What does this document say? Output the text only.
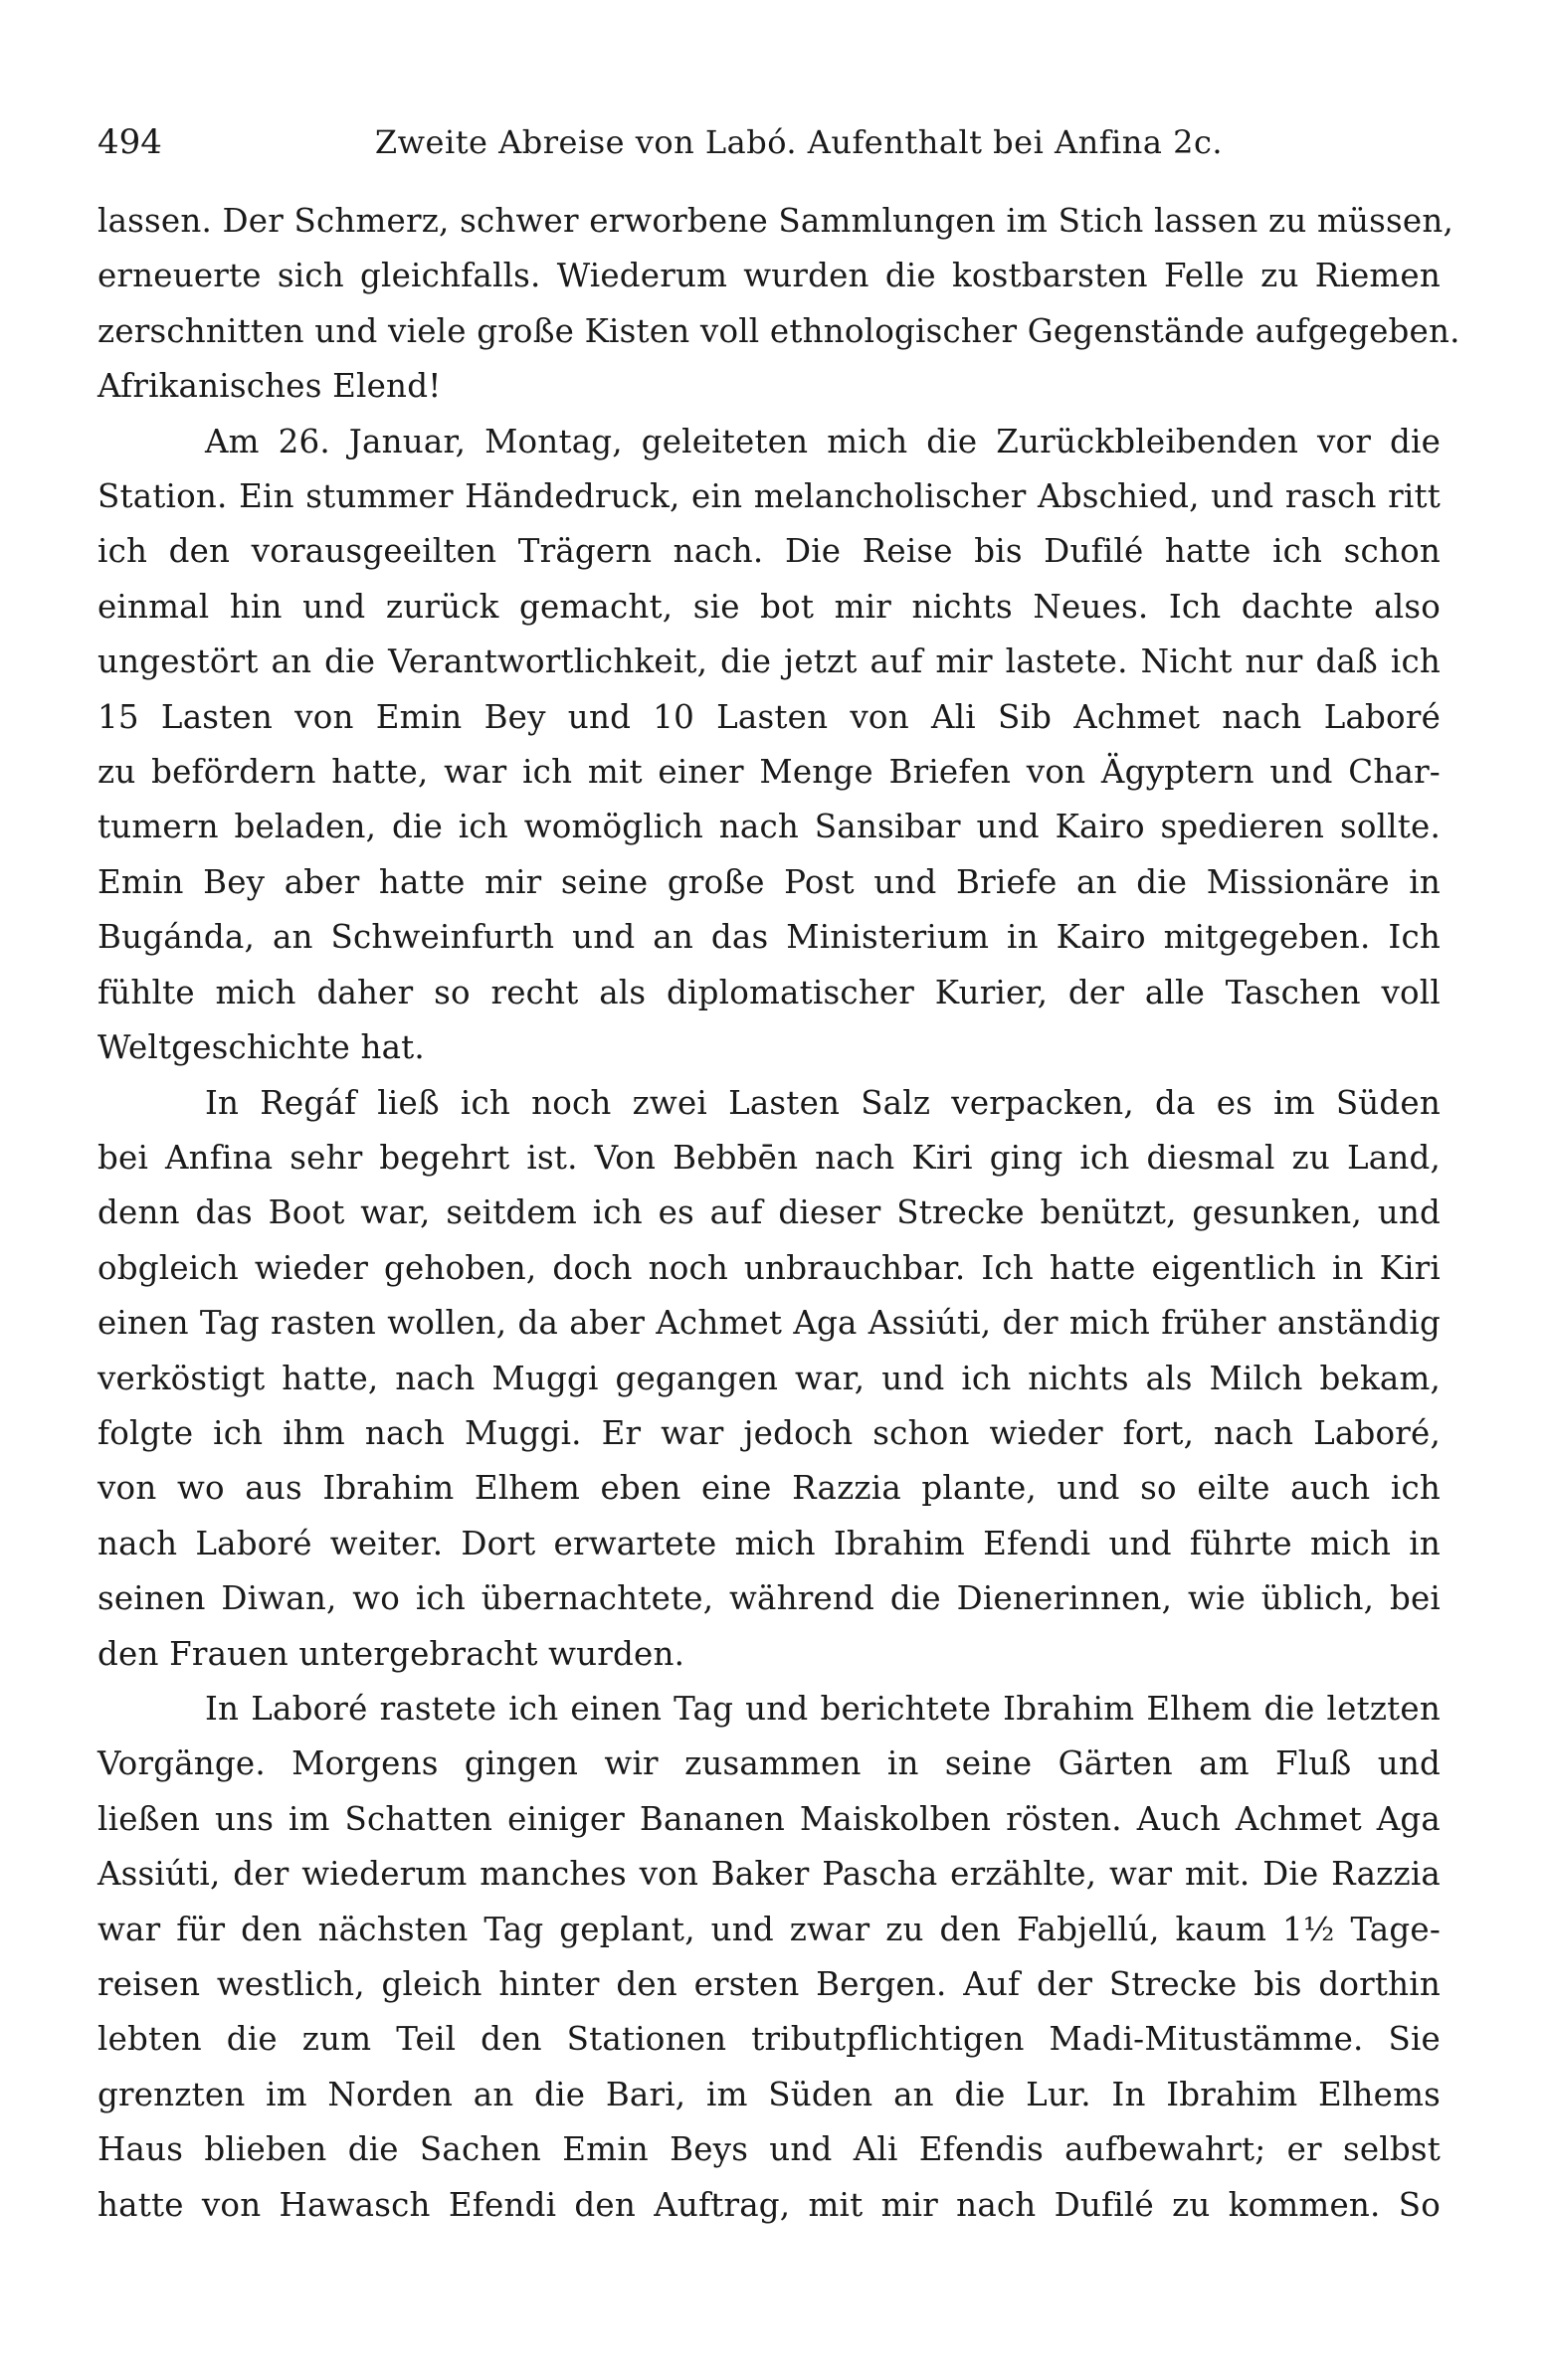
494	Zweite Abreise von Labó. Aufenthalt bei Anfina 2c.

lassen. Der Schmerz, schwer erworbene Sammlungen im Stich lassen zu müssen,
erneuerte sich gleichfalls. Wiederum wurden die kostbarsten Felle zu Riemen
zerschnitten und viele große Kisten voll ethnologischer Gegenstände aufgegeben.
Afrikanisches Elend!

Am 26. Januar, Montag, geleiteten mich die Zurückbleibenden vor die
Station. Ein stummer Händedruck, ein melancholischer Abschied, und rasch ritt
ich den vorausgeeilten Trägern nach. Die Reise bis Dufilé hatte ich schon
einmal hin und zurück gemacht, sie bot mir nichts Neues. Ich dachte also
ungestört an die Verantwortlichkeit, die jetzt auf mir lastete. Nicht nur daß ich
15 Lasten von Emin Bey und 10 Lasten von Ali Sib Achmet nach Laboré
zu befördern hatte, war ich mit einer Menge Briefen von Ägyptern und Char-
tumern beladen, die ich womöglich nach Sansibar und Kairo spedieren sollte.
Emin Bey aber hatte mir seine große Post und Briefe an die Missionäre in
Bugánda, an Schweinfurth und an das Ministerium in Kairo mitgegeben. Ich
fühlte mich daher so recht als diplomatischer Kurier, der alle Taschen voll
Weltgeschichte hat.

In Regáf ließ ich noch zwei Lasten Salz verpacken, da es im Süden
bei Anfina sehr begehrt ist. Von Bebbēn nach Kiri ging ich diesmal zu Land,
denn das Boot war, seitdem ich es auf dieser Strecke benützt, gesunken, und
obgleich wieder gehoben, doch noch unbrauchbar. Ich hatte eigentlich in Kiri
einen Tag rasten wollen, da aber Achmet Aga Assiúti, der mich früher anständig
verköstigt hatte, nach Muggi gegangen war, und ich nichts als Milch bekam,
folgte ich ihm nach Muggi. Er war jedoch schon wieder fort, nach Laboré,
von wo aus Ibrahim Elhem eben eine Razzia plante, und so eilte auch ich
nach Laboré weiter. Dort erwartete mich Ibrahim Efendi und führte mich in
seinen Diwan, wo ich übernachtete, während die Dienerinnen, wie üblich, bei
den Frauen untergebracht wurden.

In Laboré rastete ich einen Tag und berichtete Ibrahim Elhem die letzten
Vorgänge. Morgens gingen wir zusammen in seine Gärten am Fluß und
ließen uns im Schatten einiger Bananen Maiskolben rösten. Auch Achmet Aga
Assiúti, der wiederum manches von Baker Pascha erzählte, war mit. Die Razzia
war für den nächsten Tag geplant, und zwar zu den Fabjellú, kaum 1½ Tage-
reisen westlich, gleich hinter den ersten Bergen. Auf der Strecke bis dorthin
lebten die zum Teil den Stationen tributpflichtigen Madi-Mitustämme. Sie
grenzten im Norden an die Bari, im Süden an die Lur. In Ibrahim Elhems
Haus blieben die Sachen Emin Beys und Ali Efendis aufbewahrt; er selbst
hatte von Hawasch Efendi den Auftrag, mit mir nach Dufilé zu kommen. So
